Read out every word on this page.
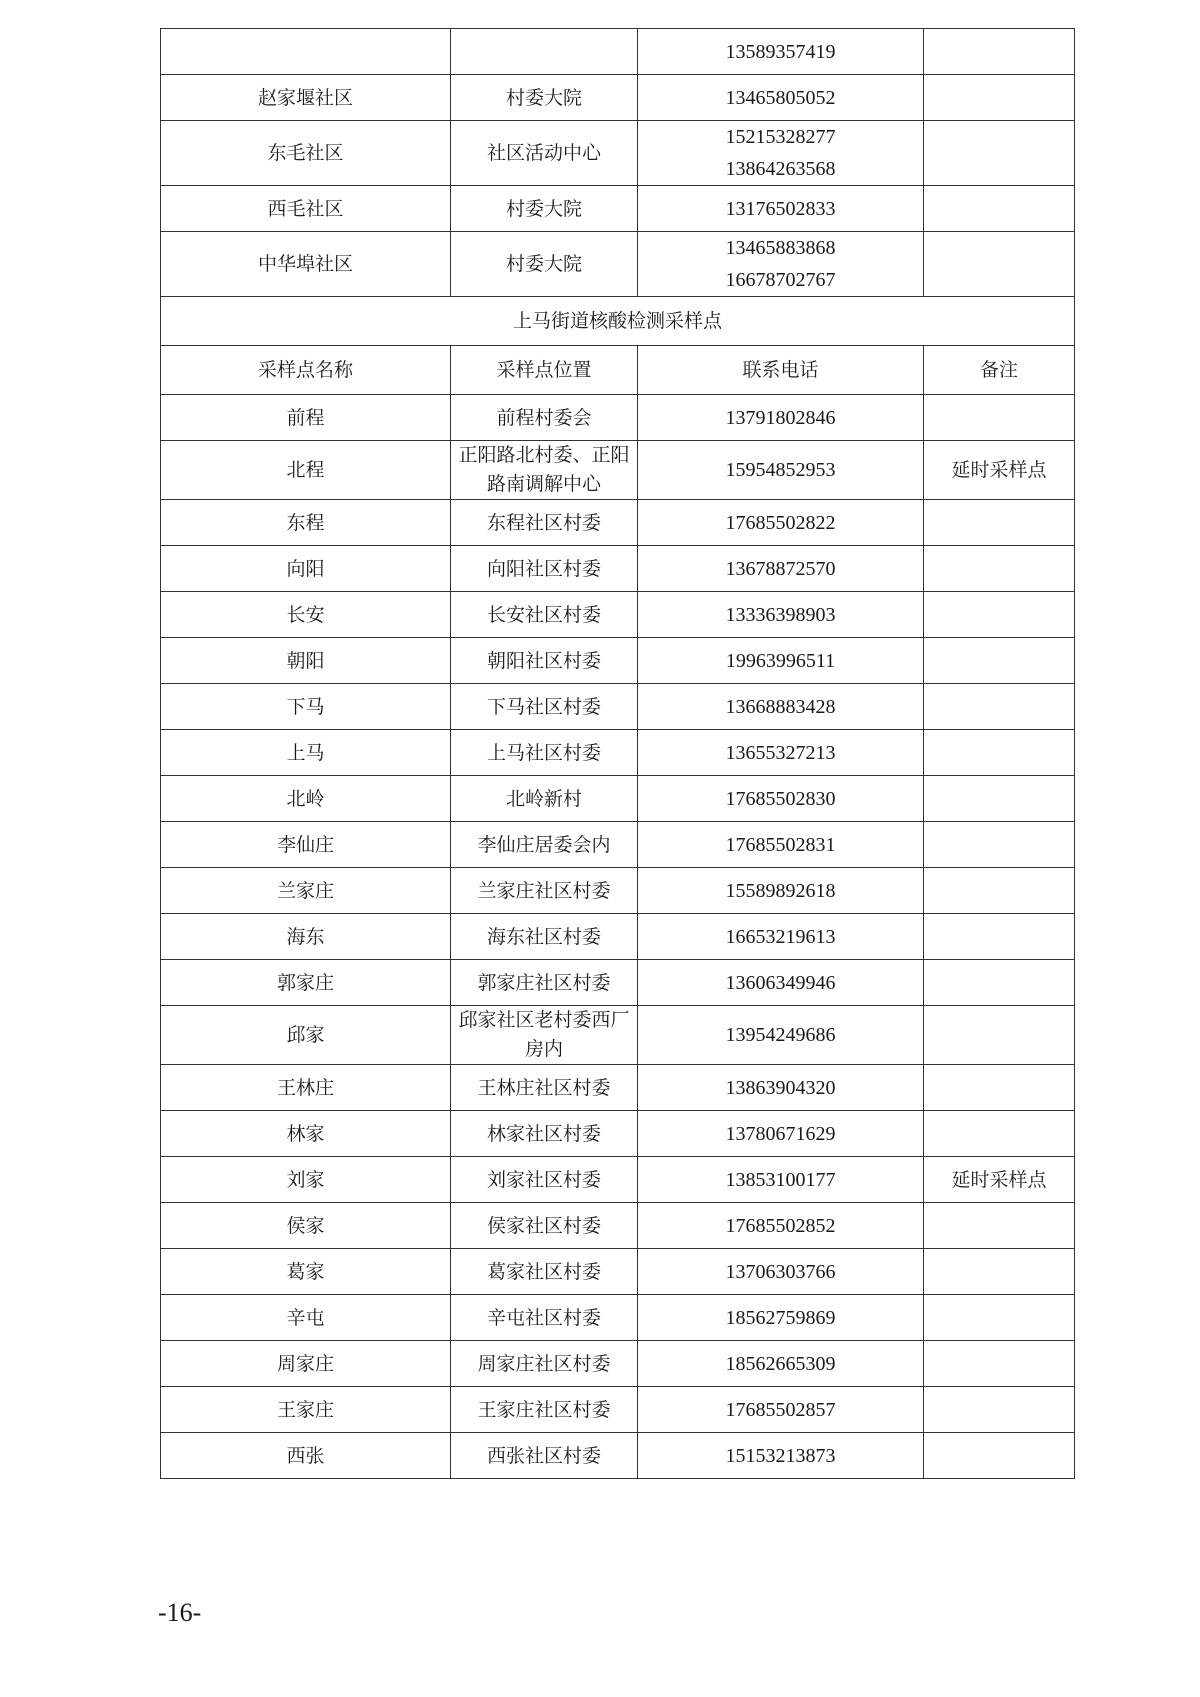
		13589357419	

赵家堰社区	村委大院	13465805052	

东毛社区	社区活动中心	15215328277
13864263568	

西毛社区	村委大院	13176502833	

中华埠社区	村委大院	13465883868
16678702767	

上马街道核酸检测采样点			
采样点名称	采样点位置	联系电话	备注
前程	前程村委会	13791802846	
北程	正阳路北村委、正阳路南调解中心	15954852953	延时采样点
东程	东程社区村委	17685502822	
向阳	向阳社区村委	13678872570	
长安	长安社区村委	13336398903	
朝阳	朝阳社区村委	19963996511	
下马	下马社区村委	13668883428	
上马	上马社区村委	13655327213	
北岭	北岭新村	17685502830	
李仙庄	李仙庄居委会内	17685502831	
兰家庄	兰家庄社区村委	15589892618	
海东	海东社区村委	16653219613	
郭家庄	郭家庄社区村委	13606349946	
邱家	邱家社区老村委西厂房内	13954249686	
王林庄	王林庄社区村委	13863904320	
林家	林家社区村委	13780671629	
刘家	刘家社区村委	13853100177	延时采样点
侯家	侯家社区村委	17685502852	
葛家	葛家社区村委	13706303766	
辛屯	辛屯社区村委	18562759869	
周家庄	周家庄社区村委	18562665309	
王家庄	王家庄社区村委	17685502857	
西张	西张社区村委	15153213873	
-16-
